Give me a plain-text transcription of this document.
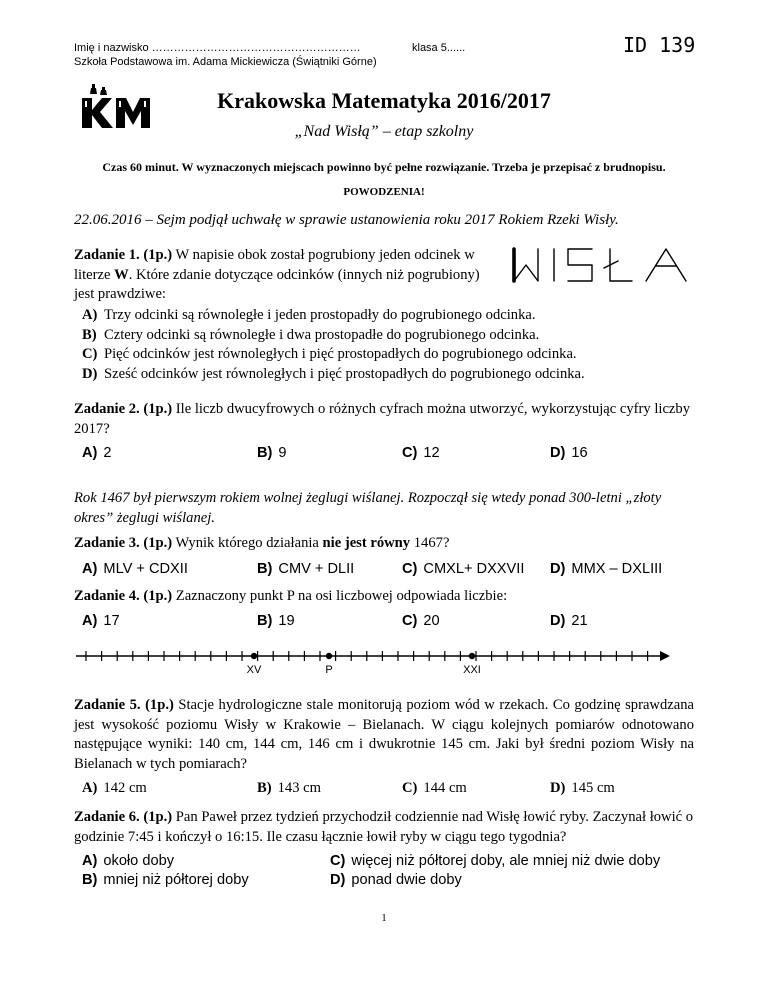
Imię i nazwisko …………………………………………………	klasa 5......
Szkoła Podstawowa im. Adama Mickiewicza (Świątniki Górne)
ID 139
Krakowska Matematyka 2016/2017
„Nad Wisłą” – etap szkolny
Czas 60 minut. W wyznaczonych miejscach powinno być pełne rozwiązanie. Trzeba je przepisać z brudnopisu.
POWODZENIA!
22.06.2016 – Sejm podjął uchwałę w sprawie ustanowienia roku 2017 Rokiem Rzeki Wisły.
Zadanie 1. (1p.) W napisie obok został pogrubiony jeden odcinek w literze W. Które zdanie dotyczące odcinków (innych niż pogrubiony) jest prawdziwe:
A) Trzy odcinki są równoległe i jeden prostopadły do pogrubionego odcinka.
B) Cztery odcinki są równoległe i dwa prostopadłe do pogrubionego odcinka.
C) Pięć odcinków jest równoległych i pięć prostopadłych do pogrubionego odcinka.
D) Sześć odcinków jest równoległych i pięć prostopadłych do pogrubionego odcinka.
Zadanie 2. (1p.) Ile liczb dwucyfrowych o różnych cyfrach można utworzyć, wykorzystując cyfry liczby 2017?
A) 2	B) 9	C) 12	D) 16
Rok 1467 był pierwszym rokiem wolnej żeglugi wiślanej. Rozpoczął się wtedy ponad 300-letni „złoty okres” żeglugi wiślanej.
Zadanie 3. (1p.) Wynik którego działania nie jest równy 1467?
A) MLV + CDXII	B) CMV + DLII	C) CMXL+ DXXVII D) MMX – DXLIII
Zadanie 4. (1p.) Zaznaczony punkt P na osi liczbowej odpowiada liczbie:
A) 17	B) 19	C) 20	D) 21
XV	P	XXI
Zadanie 5. (1p.) Stacje hydrologiczne stale monitorują poziom wód w rzekach. Co godzinę sprawdzana jest wysokość poziomu Wisły w Krakowie – Bielanach. W ciągu kolejnych pomiarów odnotowano następujące wyniki: 140 cm, 144 cm, 146 cm i dwukrotnie 145 cm. Jaki był średni poziom Wisły na Bielanach w tych pomiarach?
A) 142 cm	B) 143 cm	C) 144 cm	D) 145 cm
Zadanie 6. (1p.) Pan Paweł przez tydzień przychodził codziennie nad Wisłę łowić ryby. Zaczynał łowić o godzinie 7:45 i kończył o 16:15. Ile czasu łącznie łowił ryby w ciągu tego tygodnia?
A) około doby
B) mniej niż półtorej doby
C) więcej niż półtorej doby, ale mniej niż dwie doby
D) ponad dwie doby
1
